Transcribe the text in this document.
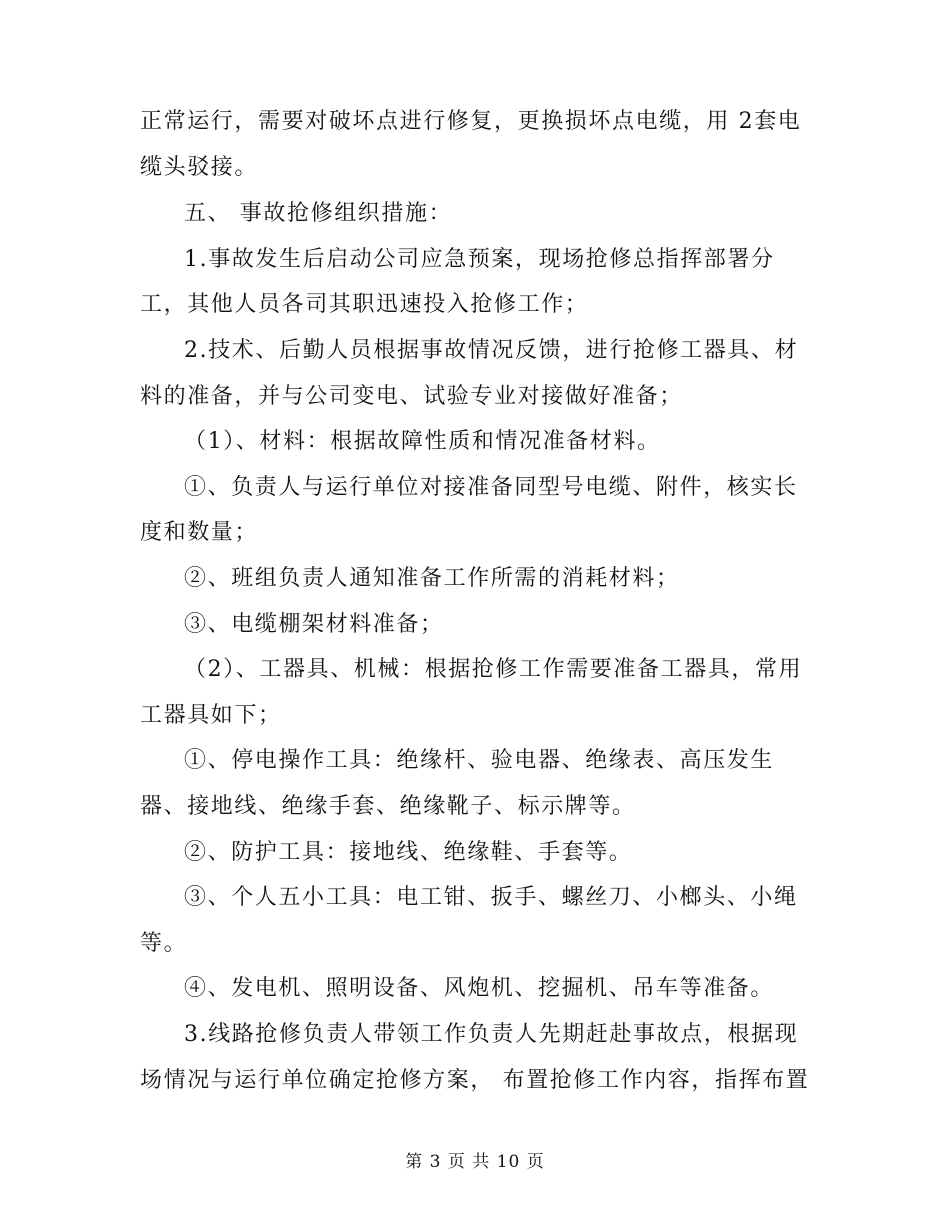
正常运行，需要对破坏点进行修复，更换损坏点电缆，用 2套电
缆头驳接。
五、 事故抢修组织措施：
1.事故发生后启动公司应急预案，现场抢修总指挥部署分
工，其他人员各司其职迅速投入抢修工作；
2.技术、后勤人员根据事故情况反馈，进行抢修工器具、材
料的准备，并与公司变电、试验专业对接做好准备；
（1）、材料：根据故障性质和情况准备材料。
①、负责人与运行单位对接准备同型号电缆、附件，核实长
度和数量；
②、班组负责人通知准备工作所需的消耗材料；
③、电缆棚架材料准备；
（2）、工器具、机械：根据抢修工作需要准备工器具，常用
工器具如下；
①、停电操作工具：绝缘杆、验电器、绝缘表、高压发生
器、接地线、绝缘手套、绝缘靴子、标示牌等。
②、防护工具：接地线、绝缘鞋、手套等。
③、个人五小工具：电工钳、扳手、螺丝刀、小榔头、小绳
等。
④、发电机、照明设备、风炮机、挖掘机、吊车等准备。
3.线路抢修负责人带领工作负责人先期赶赴事故点，根据现
场情况与运行单位确定抢修方案， 布置抢修工作内容，指挥布置
第 3 页 共 10 页
